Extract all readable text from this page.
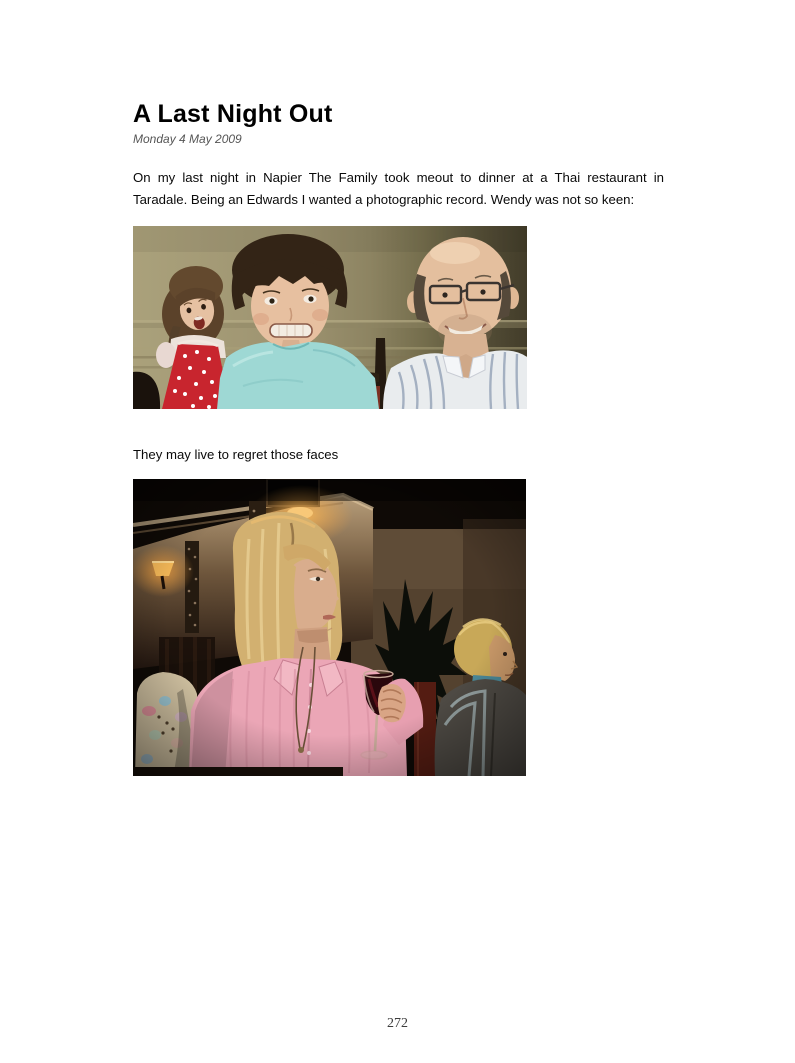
A Last Night Out

Monday 4 May 2009

On my last night in Napier The Family took meout to dinner at a Thai restaurant in
Taradale. Being an Edwards I wanted a photographic record. Wendy was not so keen:

They may live to regret those faces

272
